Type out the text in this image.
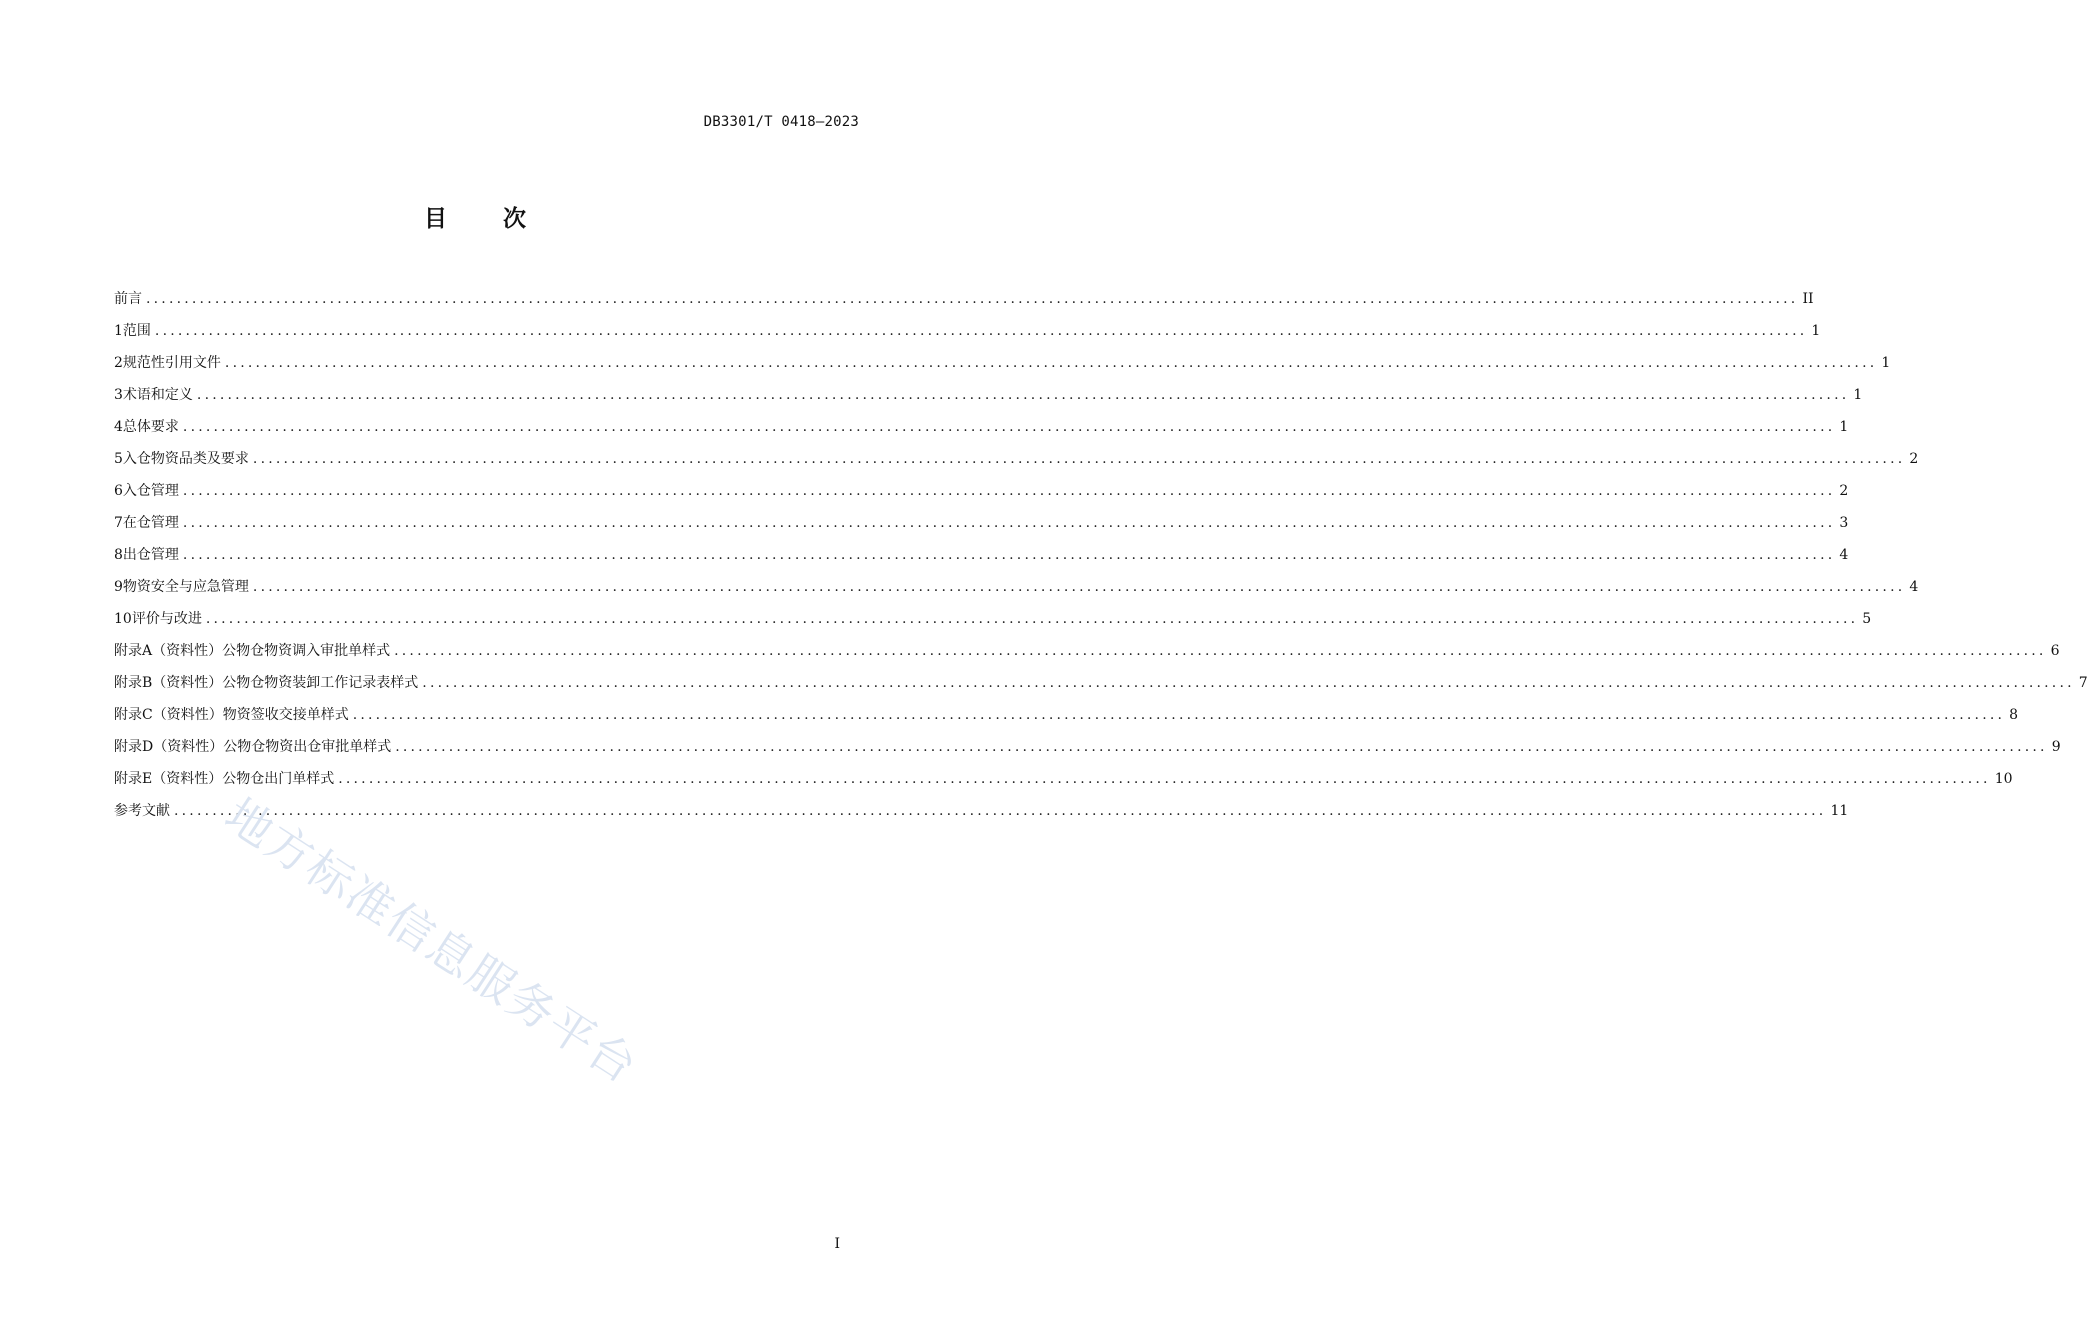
DB3301/T 0418—2023
目 次
前言 ........................................................................................................................................................................................................................ II
1 范围 ........................................................................................................................................................................................................................ 1
2 规范性引用文件 ........................................................................................................................................................................................................................ 1
3 术语和定义 ........................................................................................................................................................................................................................ 1
4 总体要求 ........................................................................................................................................................................................................................ 1
5 入仓物资品类及要求 ........................................................................................................................................................................................................................ 2
6 入仓管理 ........................................................................................................................................................................................................................ 2
7 在仓管理 ........................................................................................................................................................................................................................ 3
8 出仓管理 ........................................................................................................................................................................................................................ 4
9 物资安全与应急管理 ........................................................................................................................................................................................................................ 4
10 评价与改进 ........................................................................................................................................................................................................................ 5
附录A（资料性） 公物仓物资调入审批单样式 ........................................................................................................................................................................................................................ 6
附录B（资料性） 公物仓物资装卸工作记录表样式 ........................................................................................................................................................................................................................ 7
附录C（资料性） 物资签收交接单样式 ........................................................................................................................................................................................................................ 8
附录D（资料性） 公物仓物资出仓审批单样式 ........................................................................................................................................................................................................................ 9
附录E（资料性） 公物仓出门单样式 ........................................................................................................................................................................................................................ 10
参考文献 ........................................................................................................................................................................................................................ 11
地方标准信息服务平台
I
